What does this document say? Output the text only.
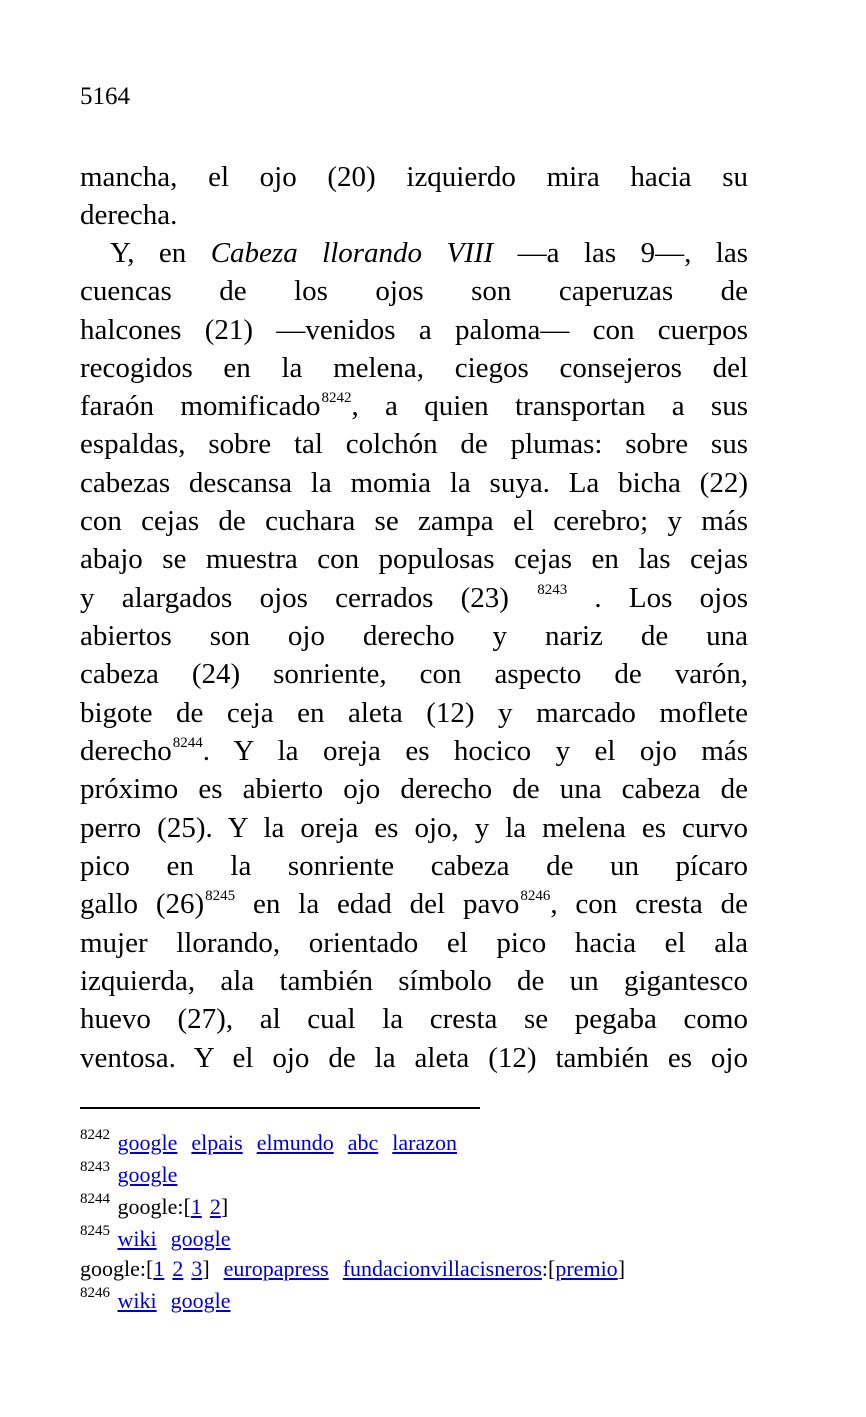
5164
mancha, el ojo (20) izquierdo mira hacia su
derecha.
Y, en Cabeza llorando VIII —a las 9—, las
cuencas de los ojos son caperuzas de
halcones (21) —venidos a paloma— con cuerpos
recogidos en la melena, ciegos consejeros del
faraón momificado$^{8242}$, a quien transportan a sus
espaldas, sobre tal colchón de plumas: sobre sus
cabezas descansa la momia la suya. La bicha (22)
con cejas de cuchara se zampa el cerebro; y más
abajo se muestra con populosas cejas en las cejas
y alargados ojos cerrados (23) $^{8243}$ . Los ojos
abiertos son ojo derecho y nariz de una
cabeza (24) sonriente, con aspecto de varón,
bigote de ceja en aleta (12) y marcado moflete
derecho$^{8244}$. Y la oreja es hocico y el ojo más
próximo es abierto ojo derecho de una cabeza de
perro (25). Y la oreja es ojo, y la melena es curvo
pico en la sonriente cabeza de un pícaro
gallo (26)$^{8245}$ en la edad del pavo$^{8246}$, con cresta de
mujer llorando, orientado el pico hacia el ala
izquierda, ala también símbolo de un gigantesco
huevo (27), al cual la cresta se pegaba como
ventosa. Y el ojo de la aleta (12) también es ojo
$^{8242}$ google elpais elmundo abc larazon
$^{8243}$ google
$^{8244}$ google:[1 2]
$^{8245}$ wiki google
google:[1 2 3] europapress fundacionvillacisneros:[premio]
$^{8246}$ wiki google
